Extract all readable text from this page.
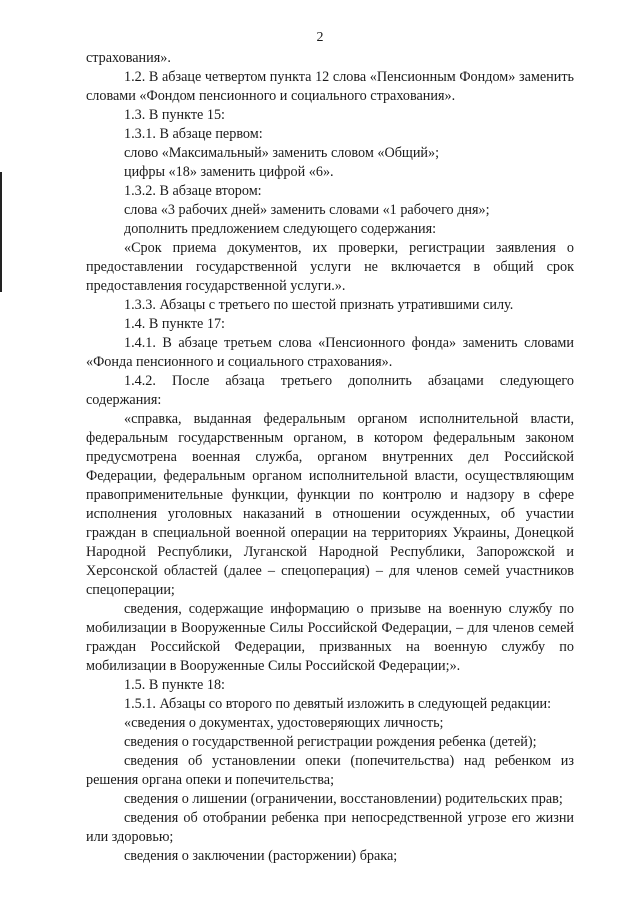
2

страхования».

1.2. В абзаце четвертом пункта 12 слова «Пенсионным Фондом» заменить словами «Фондом пенсионного и социального страхования».

1.3. В пункте 15:

1.3.1. В абзаце первом:

слово «Максимальный» заменить словом «Общий»;

цифры «18» заменить цифрой «6».

1.3.2. В абзаце втором:

слова «3 рабочих дней» заменить словами «1 рабочего дня»;

дополнить предложением следующего содержания:

«Срок приема документов, их проверки, регистрации заявления о предоставлении государственной услуги не включается в общий срок предоставления государственной услуги.».

1.3.3. Абзацы с третьего по шестой признать утратившими силу.

1.4. В пункте 17:

1.4.1. В абзаце третьем слова «Пенсионного фонда» заменить словами «Фонда пенсионного и социального страхования».

1.4.2. После абзаца третьего дополнить абзацами следующего содержания:

«справка, выданная федеральным органом исполнительной власти, федеральным государственным органом, в котором федеральным законом предусмотрена военная служба, органом внутренних дел Российской Федерации, федеральным органом исполнительной власти, осуществляющим правоприменительные функции, функции по контролю и надзору в сфере исполнения уголовных наказаний в отношении осужденных, об участии граждан в специальной военной операции на территориях Украины, Донецкой Народной Республики, Луганской Народной Республики, Запорожской и Херсонской областей (далее – спецоперация) – для членов семей участников спецоперации;

сведения, содержащие информацию о призыве на военную службу по мобилизации в Вооруженные Силы Российской Федерации, – для членов семей граждан Российской Федерации, призванных на военную службу по мобилизации в Вооруженные Силы Российской Федерации;».

1.5. В пункте 18:

1.5.1. Абзацы со второго по девятый изложить в следующей редакции:

«сведения о документах, удостоверяющих личность;

сведения о государственной регистрации рождения ребенка (детей);

сведения об установлении опеки (попечительства) над ребенком из решения органа опеки и попечительства;

сведения о лишении (ограничении, восстановлении) родительских прав;

сведения об отобрании ребенка при непосредственной угрозе его жизни или здоровью;

сведения о заключении (расторжении) брака;
